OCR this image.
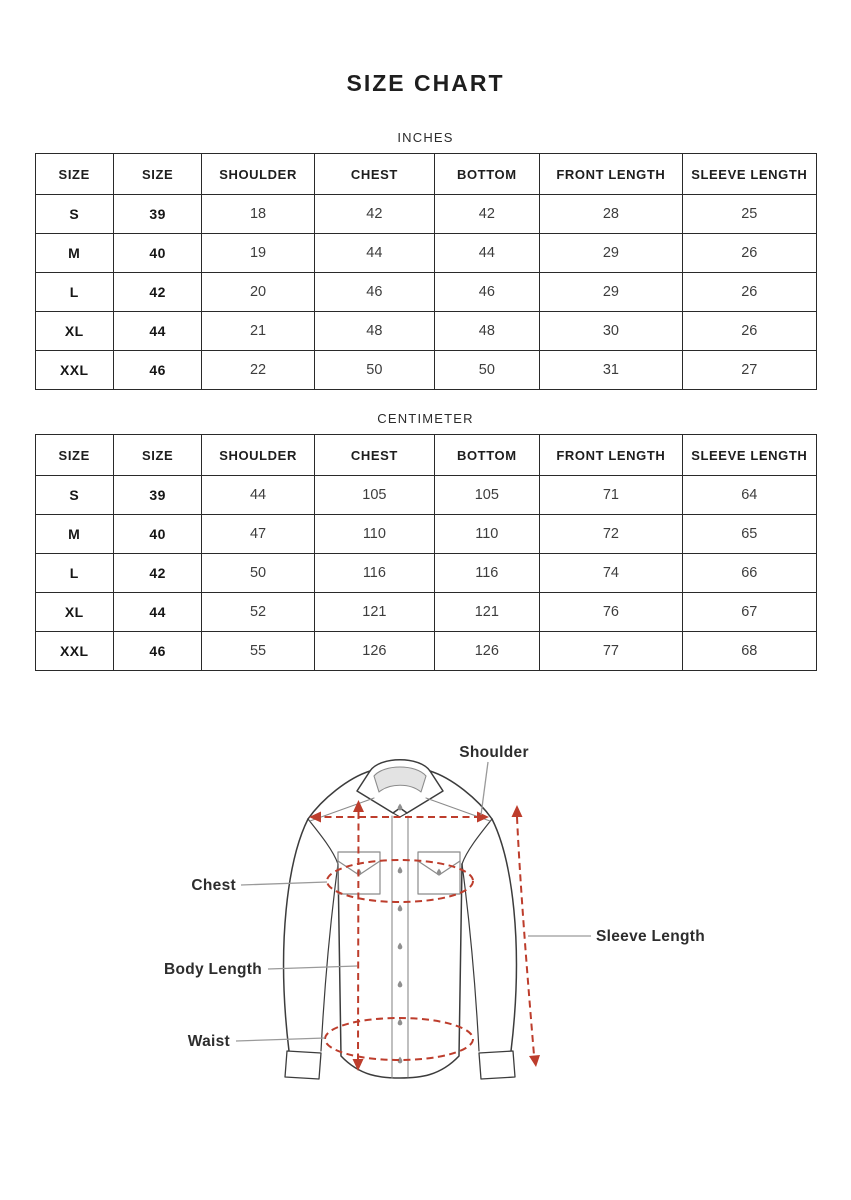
SIZE CHART
INCHES
SIZE	SIZE	SHOULDER	CHEST	BOTTOM	FRONT LENGTH	SLEEVE LENGTH
S	39	18	42	42	28	25
M	40	19	44	44	29	26
L	42	20	46	46	29	26
XL	44	21	48	48	30	26
XXL	46	22	50	50	31	27
CENTIMETER
SIZE	SIZE	SHOULDER	CHEST	BOTTOM	FRONT LENGTH	SLEEVE LENGTH
S	39	44	105	105	71	64
M	40	47	110	110	72	65
L	42	50	116	116	74	66
XL	44	52	121	121	76	67
XXL	46	55	126	126	77	68
Shoulder
Chest
Body Length
Waist
Sleeve Length
